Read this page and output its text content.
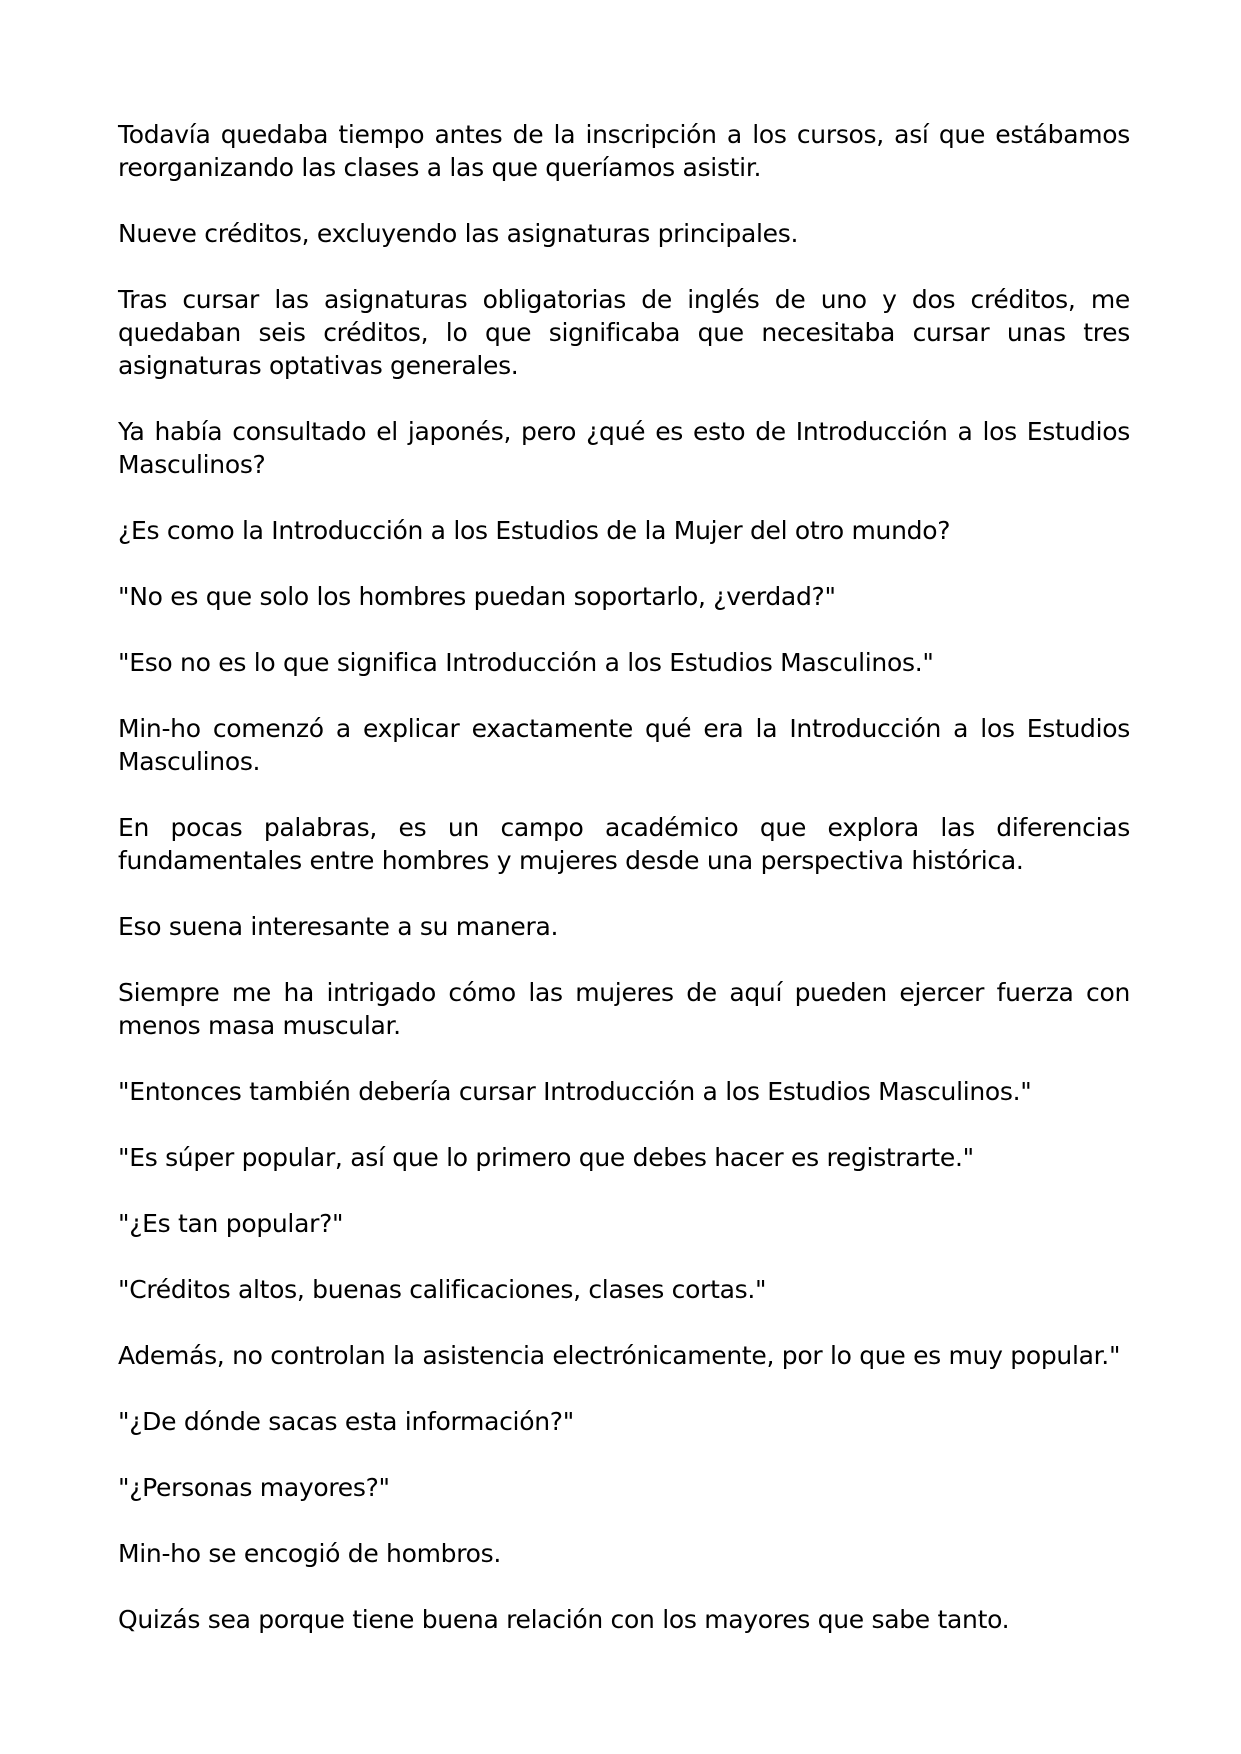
Todavía quedaba tiempo antes de la inscripción a los cursos, así que estábamos reorganizando las clases a las que queríamos asistir.

Nueve créditos, excluyendo las asignaturas principales.

Tras cursar las asignaturas obligatorias de inglés de uno y dos créditos, me quedaban seis créditos, lo que significaba que necesitaba cursar unas tres asignaturas optativas generales.

Ya había consultado el japonés, pero ¿qué es esto de Introducción a los Estudios Masculinos?

¿Es como la Introducción a los Estudios de la Mujer del otro mundo?

"No es que solo los hombres puedan soportarlo, ¿verdad?"

"Eso no es lo que significa Introducción a los Estudios Masculinos."

Min-ho comenzó a explicar exactamente qué era la Introducción a los Estudios Masculinos.

En pocas palabras, es un campo académico que explora las diferencias fundamentales entre hombres y mujeres desde una perspectiva histórica.

Eso suena interesante a su manera.

Siempre me ha intrigado cómo las mujeres de aquí pueden ejercer fuerza con menos masa muscular.

"Entonces también debería cursar Introducción a los Estudios Masculinos."

"Es súper popular, así que lo primero que debes hacer es registrarte."

"¿Es tan popular?"

"Créditos altos, buenas calificaciones, clases cortas."

Además, no controlan la asistencia electrónicamente, por lo que es muy popular."

"¿De dónde sacas esta información?"

"¿Personas mayores?"

Min-ho se encogió de hombros.

Quizás sea porque tiene buena relación con los mayores que sabe tanto.
